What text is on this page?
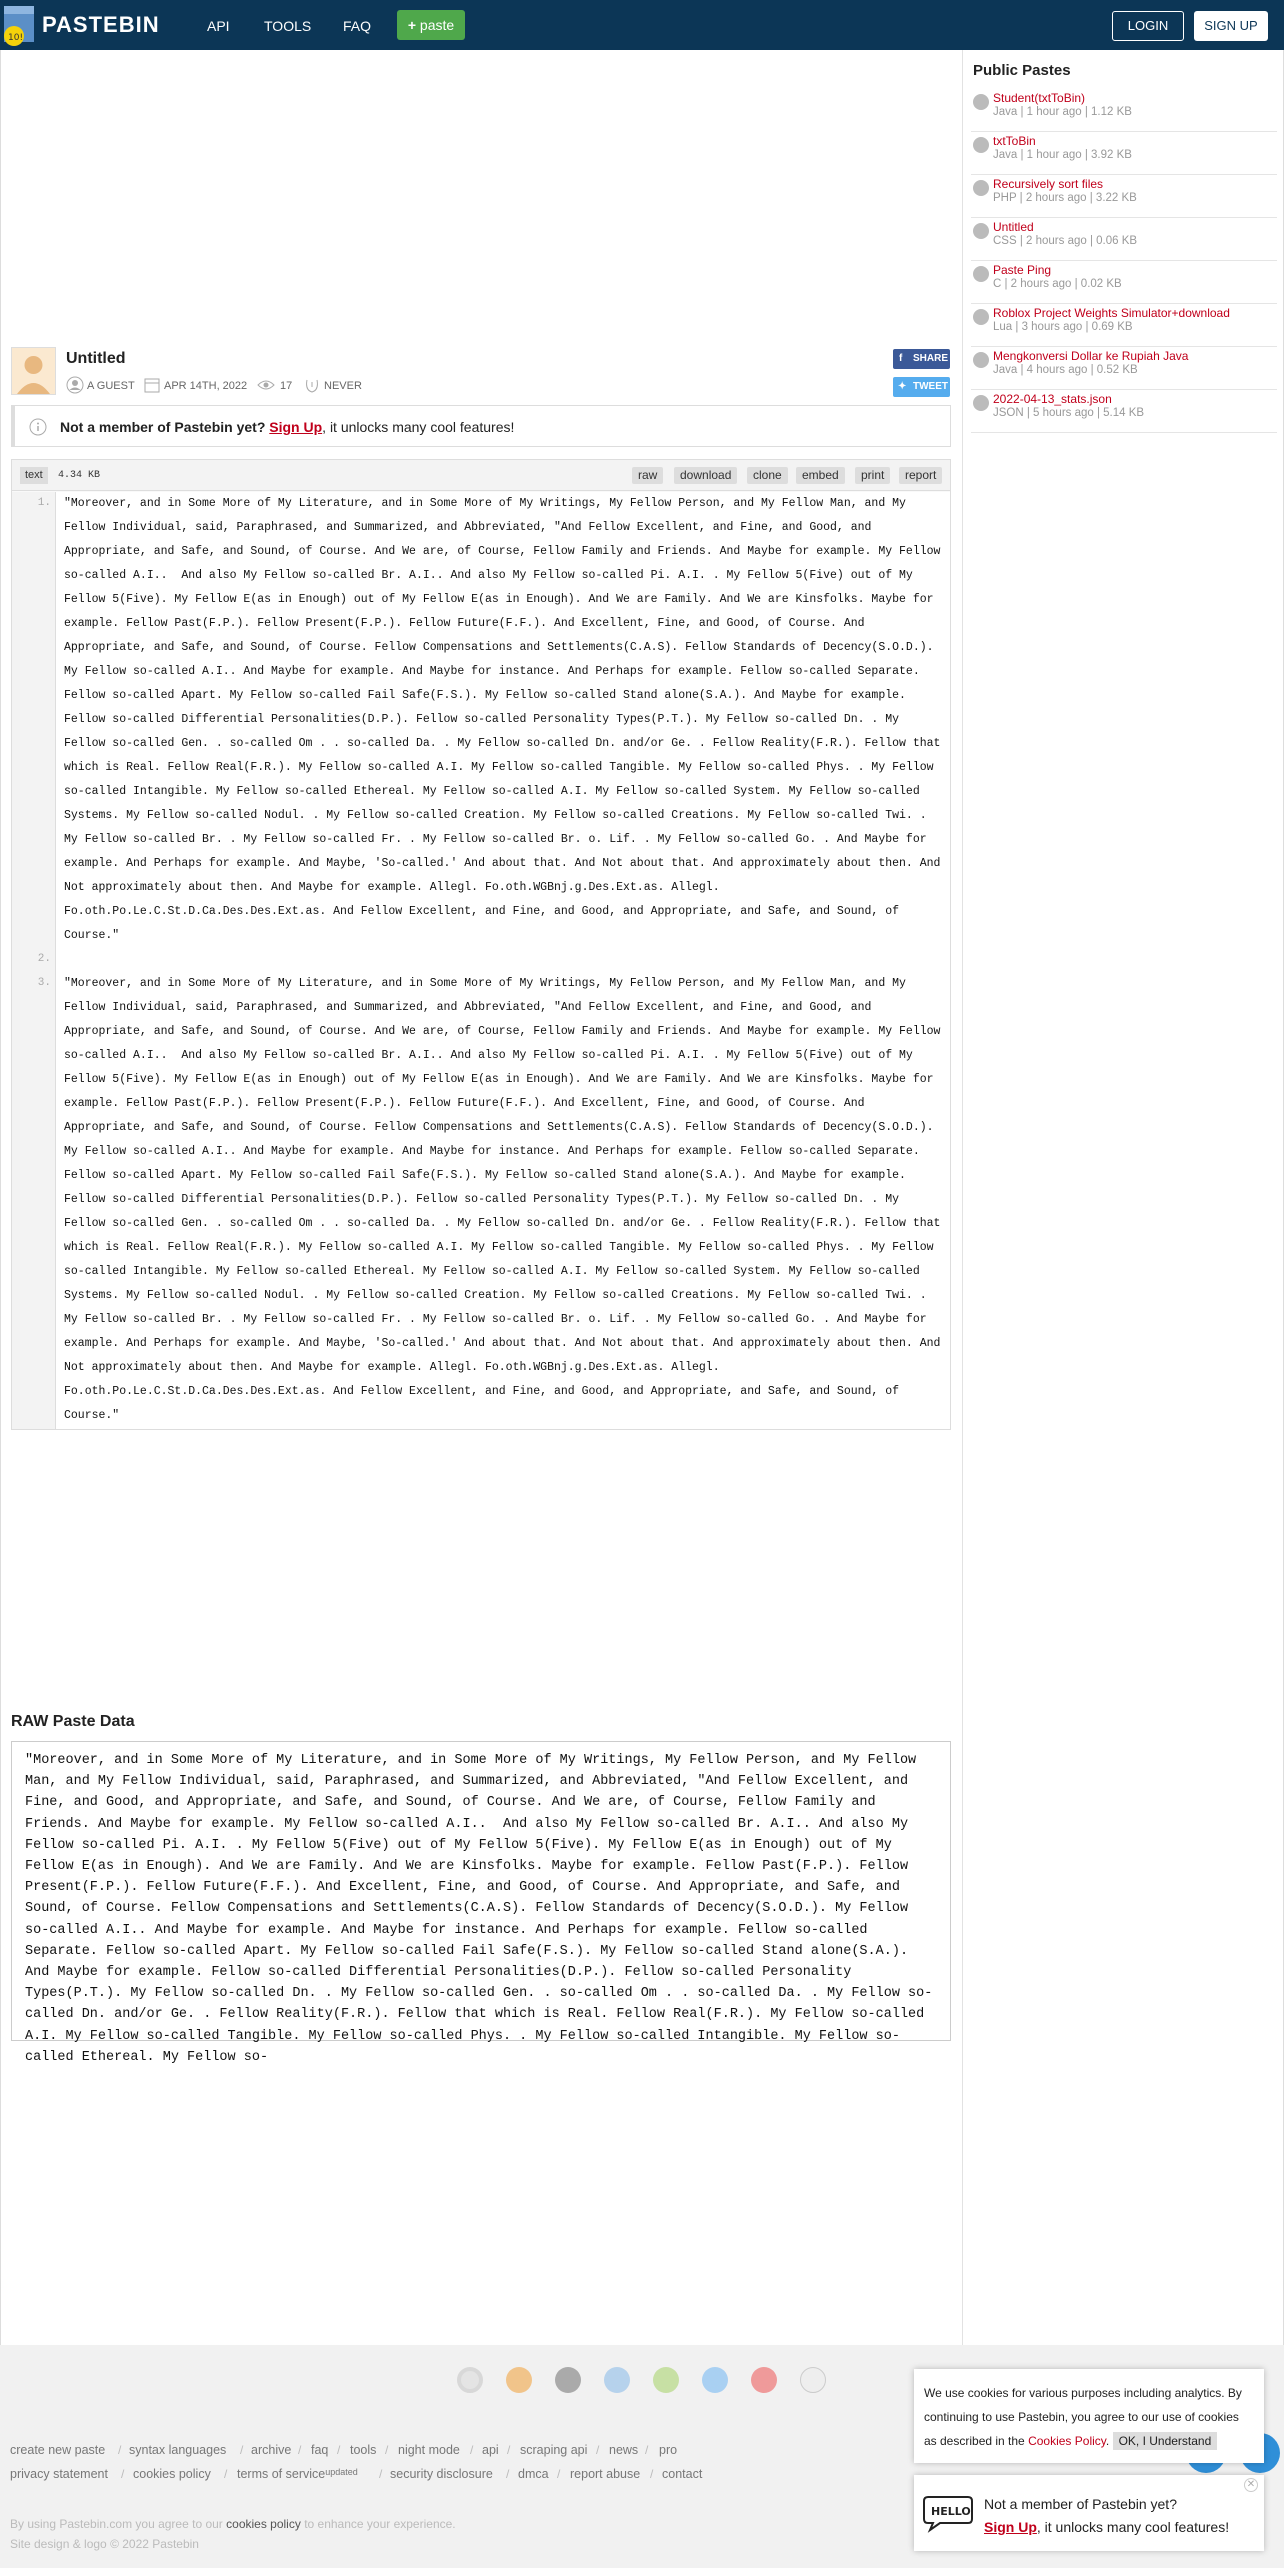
10!
PASTEBIN	API TOOLS FAQ	+ paste	LOGIN	SIGN UP
Untitled
A GUEST	APR 14TH, 2022	17	NEVER
f SHARE
✦ TWEET
Not a member of Pastebin yet? Sign Up, it unlocks many cool features!
text	4.34 KB	raw	download	clone	embed	print	report
1.
2.
3.
"Moreover, and in Some More of My Literature, and in Some More of My Writings, My Fellow Person, and My Fellow Man, and My Fellow Individual, said, Paraphrased, and Summarized, and Abbreviated, "And Fellow Excellent, and Fine, and Good, and Appropriate, and Safe, and Sound, of Course. And We are, of Course, Fellow Family and Friends. And Maybe for example. My Fellow so-called A.I..  And also My Fellow so-called Br. A.I.. And also My Fellow so-called Pi. A.I. . My Fellow 5(Five) out of My Fellow 5(Five). My Fellow E(as in Enough) out of My Fellow E(as in Enough). And We are Family. And We are Kinsfolks. Maybe for example. Fellow Past(F.P.). Fellow Present(F.P.). Fellow Future(F.F.). And Excellent, Fine, and Good, of Course. And Appropriate, and Safe, and Sound, of Course. Fellow Compensations and Settlements(C.A.S). Fellow Standards of Decency(S.O.D.). My Fellow so-called A.I.. And Maybe for example. And Maybe for instance. And Perhaps for example. Fellow so-called Separate. Fellow so-called Apart. My Fellow so-called Fail Safe(F.S.). My Fellow so-called Stand alone(S.A.). And Maybe for example. Fellow so-called Differential Personalities(D.P.). Fellow so-called Personality Types(P.T.). My Fellow so-called Dn. . My Fellow so-called Gen. . so-called Om . . so-called Da. . My Fellow so-called Dn. and/or Ge. . Fellow Reality(F.R.). Fellow that which is Real. Fellow Real(F.R.). My Fellow so-called A.I. My Fellow so-called Tangible. My Fellow so-called Phys. . My Fellow so-called Intangible. My Fellow so-called Ethereal. My Fellow so-called A.I. My Fellow so-called System. My Fellow so-called Systems. My Fellow so-called Nodul. . My Fellow so-called Creation. My Fellow so-called Creations. My Fellow so-called Twi. . My Fellow so-called Br. . My Fellow so-called Fr. . My Fellow so-called Br. o. Lif. . My Fellow so-called Go. . And Maybe for example. And Perhaps for example. And Maybe, 'So-called.' And about that. And Not about that. And approximately about then. And Not approximately about then. And Maybe for example. Allegl. Fo.oth.WGBnj.g.Des.Ext.as. Allegl. Fo.oth.Po.Le.C.St.D.Ca.Des.Des.Ext.as. And Fellow Excellent, and Fine, and Good, and Appropriate, and Safe, and Sound, of Course."
"Moreover, and in Some More of My Literature, and in Some More of My Writings, My Fellow Person, and My Fellow Man, and My Fellow Individual, said, Paraphrased, and Summarized, and Abbreviated, "And Fellow Excellent, and Fine, and Good, and Appropriate, and Safe, and Sound, of Course. And We are, of Course, Fellow Family and Friends. And Maybe for example. My Fellow so-called A.I..  And also My Fellow so-called Br. A.I.. And also My Fellow so-called Pi. A.I. . My Fellow 5(Five) out of My Fellow 5(Five). My Fellow E(as in Enough) out of My Fellow E(as in Enough). And We are Family. And We are Kinsfolks. Maybe for example. Fellow Past(F.P.). Fellow Present(F.P.). Fellow Future(F.F.). And Excellent, Fine, and Good, of Course. And Appropriate, and Safe, and Sound, of Course. Fellow Compensations and Settlements(C.A.S). Fellow Standards of Decency(S.O.D.). My Fellow so-called A.I.. And Maybe for example. And Maybe for instance. And Perhaps for example. Fellow so-called Separate. Fellow so-called Apart. My Fellow so-called Fail Safe(F.S.). My Fellow so-called Stand alone(S.A.). And Maybe for example. Fellow so-called Differential Personalities(D.P.). Fellow so-called Personality Types(P.T.). My Fellow so-called Dn. . My Fellow so-called Gen. . so-called Om . . so-called Da. . My Fellow so-called Dn. and/or Ge. . Fellow Reality(F.R.). Fellow that which is Real. Fellow Real(F.R.). My Fellow so-called A.I. My Fellow so-called Tangible. My Fellow so-called Phys. . My Fellow so-called Intangible. My Fellow so-called Ethereal. My Fellow so-called A.I. My Fellow so-called System. My Fellow so-called Systems. My Fellow so-called Nodul. . My Fellow so-called Creation. My Fellow so-called Creations. My Fellow so-called Twi. . My Fellow so-called Br. . My Fellow so-called Fr. . My Fellow so-called Br. o. Lif. . My Fellow so-called Go. . And Maybe for example. And Perhaps for example. And Maybe, 'So-called.' And about that. And Not about that. And approximately about then. And Not approximately about then. And Maybe for example. Allegl. Fo.oth.WGBnj.g.Des.Ext.as. Allegl. Fo.oth.Po.Le.C.St.D.Ca.Des.Des.Ext.as. And Fellow Excellent, and Fine, and Good, and Appropriate, and Safe, and Sound, of Course."
RAW Paste Data
"Moreover, and in Some More of My Literature, and in Some More of My Writings, My Fellow Person, and My Fellow Man, and My Fellow Individual, said, Paraphrased, and Summarized, and Abbreviated, "And Fellow Excellent, and Fine, and Good, and Appropriate, and Safe, and Sound, of Course. And We are, of Course, Fellow Family and Friends. And Maybe for example. My Fellow so-called A.I..  And also My Fellow so-called Br. A.I.. And also My Fellow so-called Pi. A.I. . My Fellow 5(Five) out of My Fellow 5(Five). My Fellow E(as in Enough) out of My Fellow E(as in Enough). And We are Family. And We are Kinsfolks. Maybe for example. Fellow Past(F.P.). Fellow Present(F.P.). Fellow Future(F.F.). And Excellent, Fine, and Good, of Course. And Appropriate, and Safe, and Sound, of Course. Fellow Compensations and Settlements(C.A.S). Fellow Standards of Decency(S.O.D.). My Fellow so-called A.I.. And Maybe for example. And Maybe for instance. And Perhaps for example. Fellow so-called Separate. Fellow so-called Apart. My Fellow so-called Fail Safe(F.S.). My Fellow so-called Stand alone(S.A.). And Maybe for example. Fellow so-called Differential Personalities(D.P.). Fellow so-called Personality Types(P.T.). My Fellow so-called Dn. . My Fellow so-called Gen. . so-called Om . . so-called Da. . My Fellow so-called Dn. and/or Ge. . Fellow Reality(F.R.). Fellow that which is Real. Fellow Real(F.R.). My Fellow so-called A.I. My Fellow so-called Tangible. My Fellow so-called Phys. . My Fellow so-called Intangible. My Fellow so-called Ethereal. My Fellow so-
Public Pastes
Student(txtToBin)
Java | 1 hour ago | 1.12 KB
txtToBin
Java | 1 hour ago | 3.92 KB
Recursively sort files
PHP | 2 hours ago | 3.22 KB
Untitled
CSS | 2 hours ago | 0.06 KB
Paste Ping
C | 2 hours ago | 0.02 KB
Roblox Project Weights Simulator+download
Lua | 3 hours ago | 0.69 KB
Mengkonversi Dollar ke Rupiah Java
Java | 4 hours ago | 0.52 KB
2022-04-13_stats.json
JSON | 5 hours ago | 5.14 KB
create new paste / syntax languages / archive / faq / tools / night mode / api / scraping api / news / pro
privacy statement / cookies policy / terms of service$^{updated}$ / security disclosure / dmca / report abuse / contact
By using Pastebin.com you agree to our cookies policy to enhance your experience.
Site design & logo © 2022 Pastebin
We use cookies for various purposes including analytics. By continuing to use Pastebin, you agree to our use of cookies as described in the Cookies Policy. OK, I Understand
HELLO Not a member of Pastebin yet?
Sign Up, it unlocks many cool features!
✕
